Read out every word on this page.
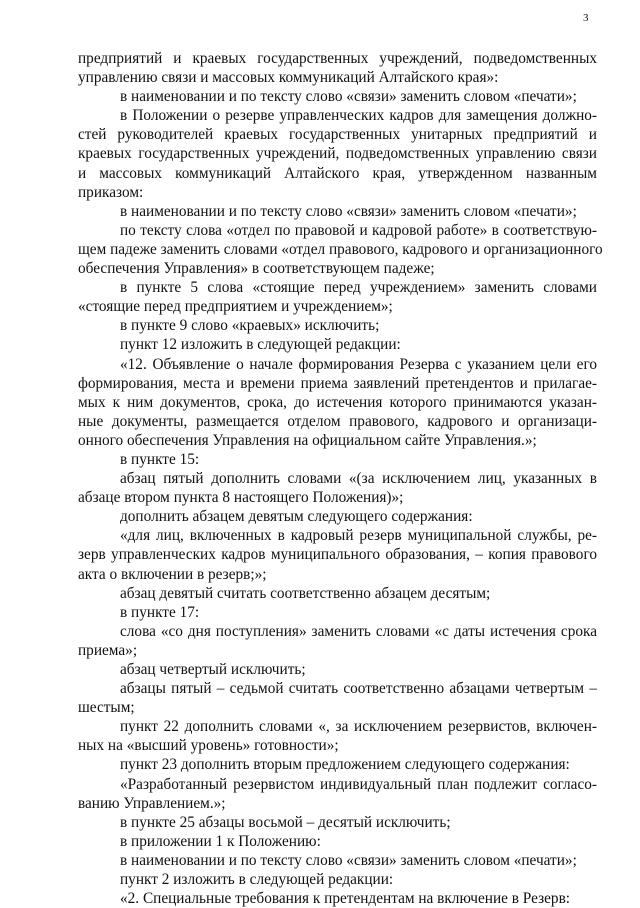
3
предприятий и краевых государственных учреждений, подведомственных
управлению связи и массовых коммуникаций Алтайского края»:
в наименовании и по тексту слово «связи» заменить словом «печати»;
в Положении о резерве управленческих кадров для замещения должно-
стей руководителей краевых государственных унитарных предприятий и
краевых государственных учреждений, подведомственных управлению связи
и массовых коммуникаций Алтайского края, утвержденном названным
приказом:
в наименовании и по тексту слово «связи» заменить словом «печати»;
по тексту слова «отдел по правовой и кадровой работе» в соответствую-
щем падеже заменить словами «отдел правового, кадрового и организационного
обеспечения Управления» в соответствующем падеже;
в пункте 5 слова «стоящие перед учреждением» заменить словами
«стоящие перед предприятием и учреждением»;
в пункте 9 слово «краевых» исключить;
пункт 12 изложить в следующей редакции:
«12. Объявление о начале формирования Резерва с указанием цели его
формирования, места и времени приема заявлений претендентов и прилагае-
мых к ним документов, срока, до истечения которого принимаются указан-
ные документы, размещается отделом правового, кадрового и организаци-
онного обеспечения Управления на официальном сайте Управления.»;
в пункте 15:
абзац пятый дополнить словами «(за исключением лиц, указанных в
абзаце втором пункта 8 настоящего Положения)»;
дополнить абзацем девятым следующего содержания:
«для лиц, включенных в кадровый резерв муниципальной службы, ре-
зерв управленческих кадров муниципального образования, – копия правового
акта о включении в резерв;»;
абзац девятый считать соответственно абзацем десятым;
в пункте 17:
слова «со дня поступления» заменить словами «с даты истечения срока
приема»;
абзац четвертый исключить;
абзацы пятый – седьмой считать соответственно абзацами четвертым –
шестым;
пункт 22 дополнить словами «, за исключением резервистов, включен-
ных на «высший уровень» готовности»;
пункт 23 дополнить вторым предложением следующего содержания:
«Разработанный резервистом индивидуальный план подлежит согласо-
ванию Управлением.»;
в пункте 25 абзацы восьмой – десятый исключить;
в приложении 1 к Положению:
в наименовании и по тексту слово «связи» заменить словом «печати»;
пункт 2 изложить в следующей редакции:
«2. Специальные требования к претендентам на включение в Резерв:
